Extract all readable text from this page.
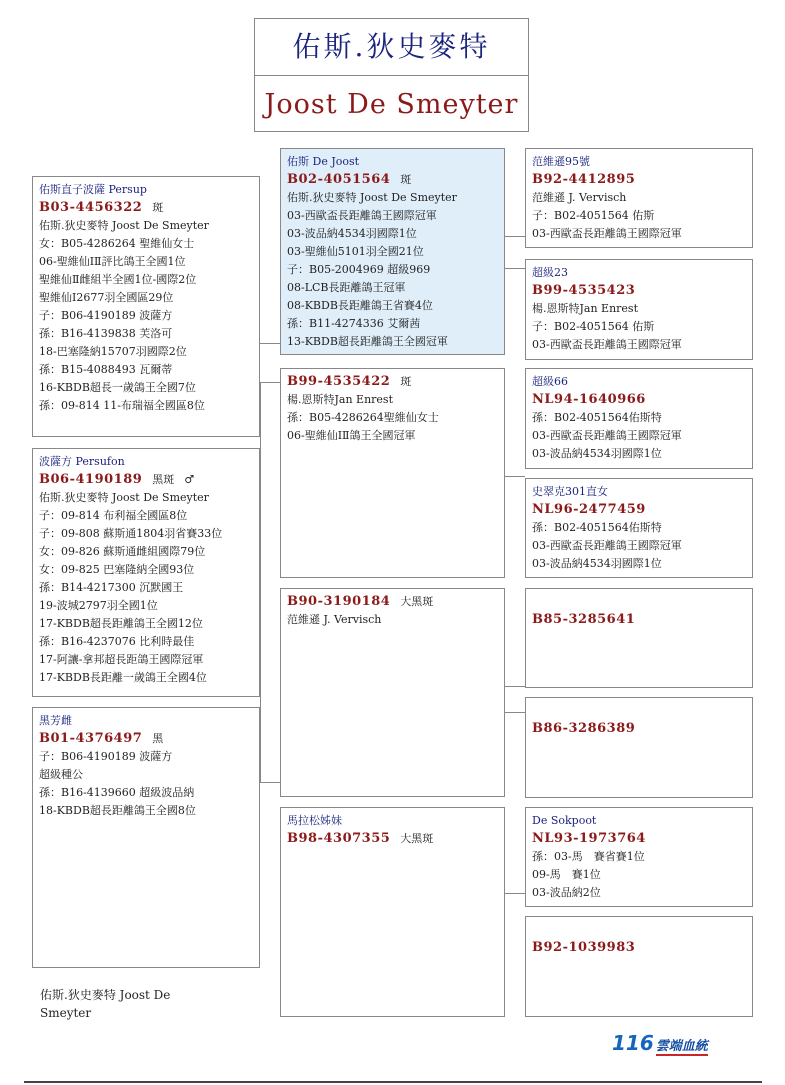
佑斯.狄史麥特
Joost De Smeyter
佑斯直子波薩 Persup
B03-4456322 斑
佑斯.狄史麥特 Joost De Smeyter
女：B05-4286264 聖維仙女士
06-聖維仙ⅠⅡ評比鴿王全國1位
聖維仙Ⅱ雌組半全國1位-國際2位
聖維仙Ⅰ2677羽全國區29位
子：B06-4190189 波薩方
孫：B16-4139838 芙洛可
18-巴塞隆納15707羽國際2位
孫：B15-4088493 瓦爾蒂
16-KBDB超長一歲鴿王全國7位
孫：09-814 11-布瑞福全國區8位
波薩方 Persufon
B06-4190189 黑斑 ♂
佑斯.狄史麥特 Joost De Smeyter
子：09-814 布利福全國區8位
子：09-808 蘇斯通1804羽省賽33位
女：09-826 蘇斯通雌組國際79位
女：09-825 巴塞隆納全國93位
孫：B14-4217300 沉默國王
19-波城2797羽全國1位
17-KBDB超長距離鴿王全國12位
孫：B16-4237076 比利時最佳
17-阿讓-拿邦超長距鴿王國際冠軍
17-KBDB長距離一歲鴿王全國4位
黑芳雌
B01-4376497 黑
子：B06-4190189 波薩方
超級種公
孫：B16-4139660 超級波品納
18-KBDB超長距離鴿王全國8位
佑斯 De Joost
B02-4051564 斑
佑斯.狄史麥特 Joost De Smeyter
03-西歐盃長距離鴿王國際冠軍
03-波品納4534羽國際1位
03-聖維仙5101羽全國21位
子：B05-2004969 超級969
08-LCB長距離鴿王冠軍
08-KBDB長距離鴿王省賽4位
孫：B11-4274336 艾爾茜
13-KBDB超長距離鴿王全國冠軍
B99-4535422 斑
楊.恩斯特Jan Enrest
孫：B05-4286264聖維仙女士
06-聖維仙ⅠⅡ鴿王全國冠軍
B90-3190184 大黑斑
范維遜 J. Vervisch
馬拉松姊妹
B98-4307355 大黑斑
范維遜95號
B92-4412895
范維遜 J. Vervisch
子：B02-4051564 佑斯
03-西歐盃長距離鴿王國際冠軍
超級23
B99-4535423
楊.恩斯特Jan Enrest
子：B02-4051564 佑斯
03-西歐盃長距離鴿王國際冠軍
超級66
NL94-1640966
孫：B02-4051564佑斯特
03-西歐盃長距離鴿王國際冠軍
03-波品納4534羽國際1位
史翠克301直女
NL96-2477459
孫：B02-4051564佑斯特
03-西歐盃長距離鴿王國際冠軍
03-波品納4534羽國際1位
B85-3285641
B86-3286389
De Sokpoot
NL93-1973764
孫：03-馬　賽省賽1位
09-馬　賽1位
03-波品納2位
B92-1039983
佑斯.狄史麥特 Joost De Smeyter
116 雲端血統
